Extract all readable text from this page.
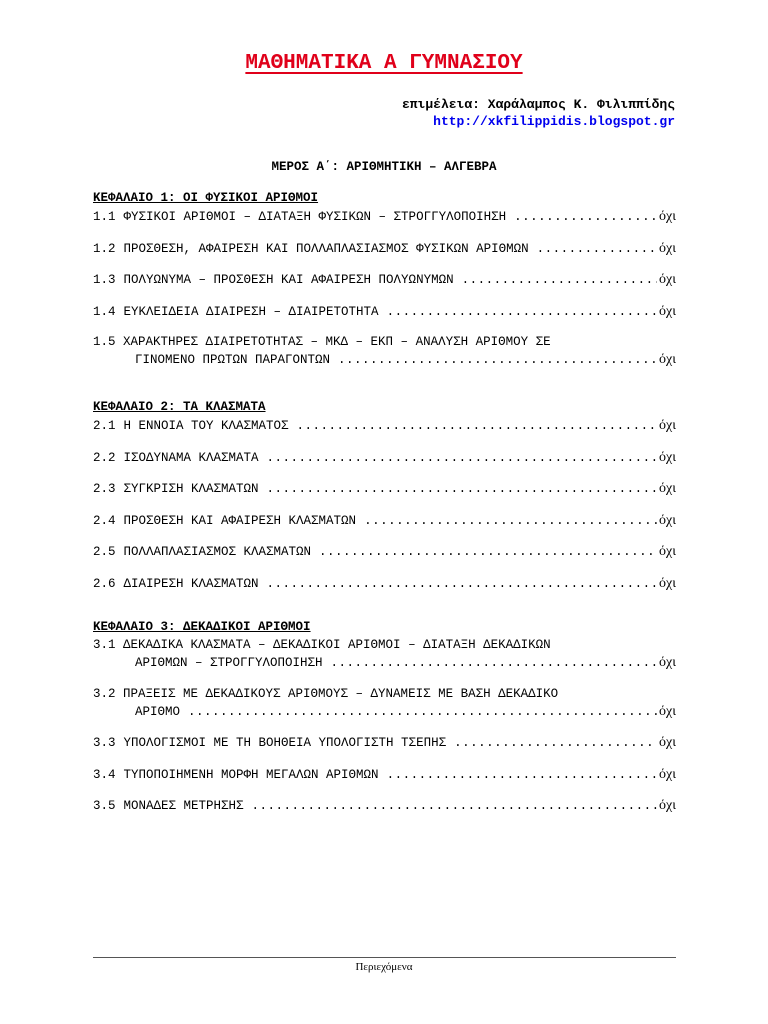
ΜΑΘΗΜΑΤΙΚΑ Α ΓΥΜΝΑΣΙΟΥ
επιμέλεια: Χαράλαμπος Κ. Φιλιππίδης
http://xkfilippidis.blogspot.gr
ΜΕΡΟΣ Α΄: ΑΡΙΘΜΗΤΙΚΗ – ΑΛΓΕΒΡΑ
ΚΕΦΑΛΑΙΟ 1: ΟΙ ΦΥΣΙΚΟΙ ΑΡΙΘΜΟΙ
1.1 ΦΥΣΙΚΟΙ ΑΡΙΘΜΟΙ – ΔΙΑΤΑΞΗ ΦΥΣΙΚΩΝ – ΣΤΡΟΓΓΥΛΟΠΟΙΗΣΗ .....	όχι
1.2 ΠΡΟΣΘΕΣΗ, ΑΦΑΙΡΕΣΗ ΚΑΙ ΠΟΛΛΑΠΛΑΣΙΑΣΜΟΣ ΦΥΣΙΚΩΝ ΑΡΙΘΜΩΝ .....	όχι
1.3 ΠΟΛΥΩΝΥΜΑ – ΠΡΟΣΘΕΣΗ ΚΑΙ ΑΦΑΙΡΕΣΗ ΠΟΛΥΩΝΥΜΩΝ .....	όχι
1.4 ΕΥΚΛΕΙΔΕΙΑ ΔΙΑΙΡΕΣΗ – ΔΙΑΙΡΕΤΟΤΗΤΑ .....	όχι
1.5 ΧΑΡΑΚΤΗΡΕΣ ΔΙΑΙΡΕΤΟΤΗΤΑΣ – ΜΚΔ – ΕΚΠ – ΑΝΑΛΥΣΗ ΑΡΙΘΜΟΥ ΣΕ
ΓΙΝΟΜΕΝΟ ΠΡΩΤΩΝ ΠΑΡΑΓΟΝΤΩΝ .....	όχι
ΚΕΦΑΛΑΙΟ 2: ΤΑ ΚΛΑΣΜΑΤΑ
2.1 Η ΕΝΝΟΙΑ ΤΟΥ ΚΛΑΣΜΑΤΟΣ .....	όχι
2.2 ΙΣΟΔΥΝΑΜΑ ΚΛΑΣΜΑΤΑ .....	όχι
2.3 ΣΥΓΚΡΙΣΗ ΚΛΑΣΜΑΤΩΝ .....	όχι
2.4 ΠΡΟΣΘΕΣΗ ΚΑΙ ΑΦΑΙΡΕΣΗ ΚΛΑΣΜΑΤΩΝ .....	όχι
2.5 ΠΟΛΛΑΠΛΑΣΙΑΣΜΟΣ ΚΛΑΣΜΑΤΩΝ .....	όχι
2.6 ΔΙΑΙΡΕΣΗ ΚΛΑΣΜΑΤΩΝ .....	όχι
ΚΕΦΑΛΑΙΟ 3: ΔΕΚΑΔΙΚΟΙ ΑΡΙΘΜΟΙ
3.1 ΔΕΚΑΔΙΚΑ ΚΛΑΣΜΑΤΑ – ΔΕΚΑΔΙΚΟΙ ΑΡΙΘΜΟΙ – ΔΙΑΤΑΞΗ ΔΕΚΑΔΙΚΩΝ
ΑΡΙΘΜΩΝ – ΣΤΡΟΓΓΥΛΟΠΟΙΗΣΗ .....	όχι
3.2 ΠΡΑΞΕΙΣ ΜΕ ΔΕΚΑΔΙΚΟΥΣ ΑΡΙΘΜΟΥΣ – ΔΥΝΑΜΕΙΣ ΜΕ ΒΑΣΗ ΔΕΚΑΔΙΚΟ
ΑΡΙΘΜΟ .....	όχι
3.3 ΥΠΟΛΟΓΙΣΜΟΙ ΜΕ ΤΗ ΒΟΗΘΕΙΑ ΥΠΟΛΟΓΙΣΤΗ ΤΣΕΠΗΣ .....	όχι
3.4 ΤΥΠΟΠΟΙΗΜΕΝΗ ΜΟΡΦΗ ΜΕΓΑΛΩΝ ΑΡΙΘΜΩΝ .....	όχι
3.5 ΜΟΝΑΔΕΣ ΜΕΤΡΗΣΗΣ .....	όχι
Περιεχόμενα
